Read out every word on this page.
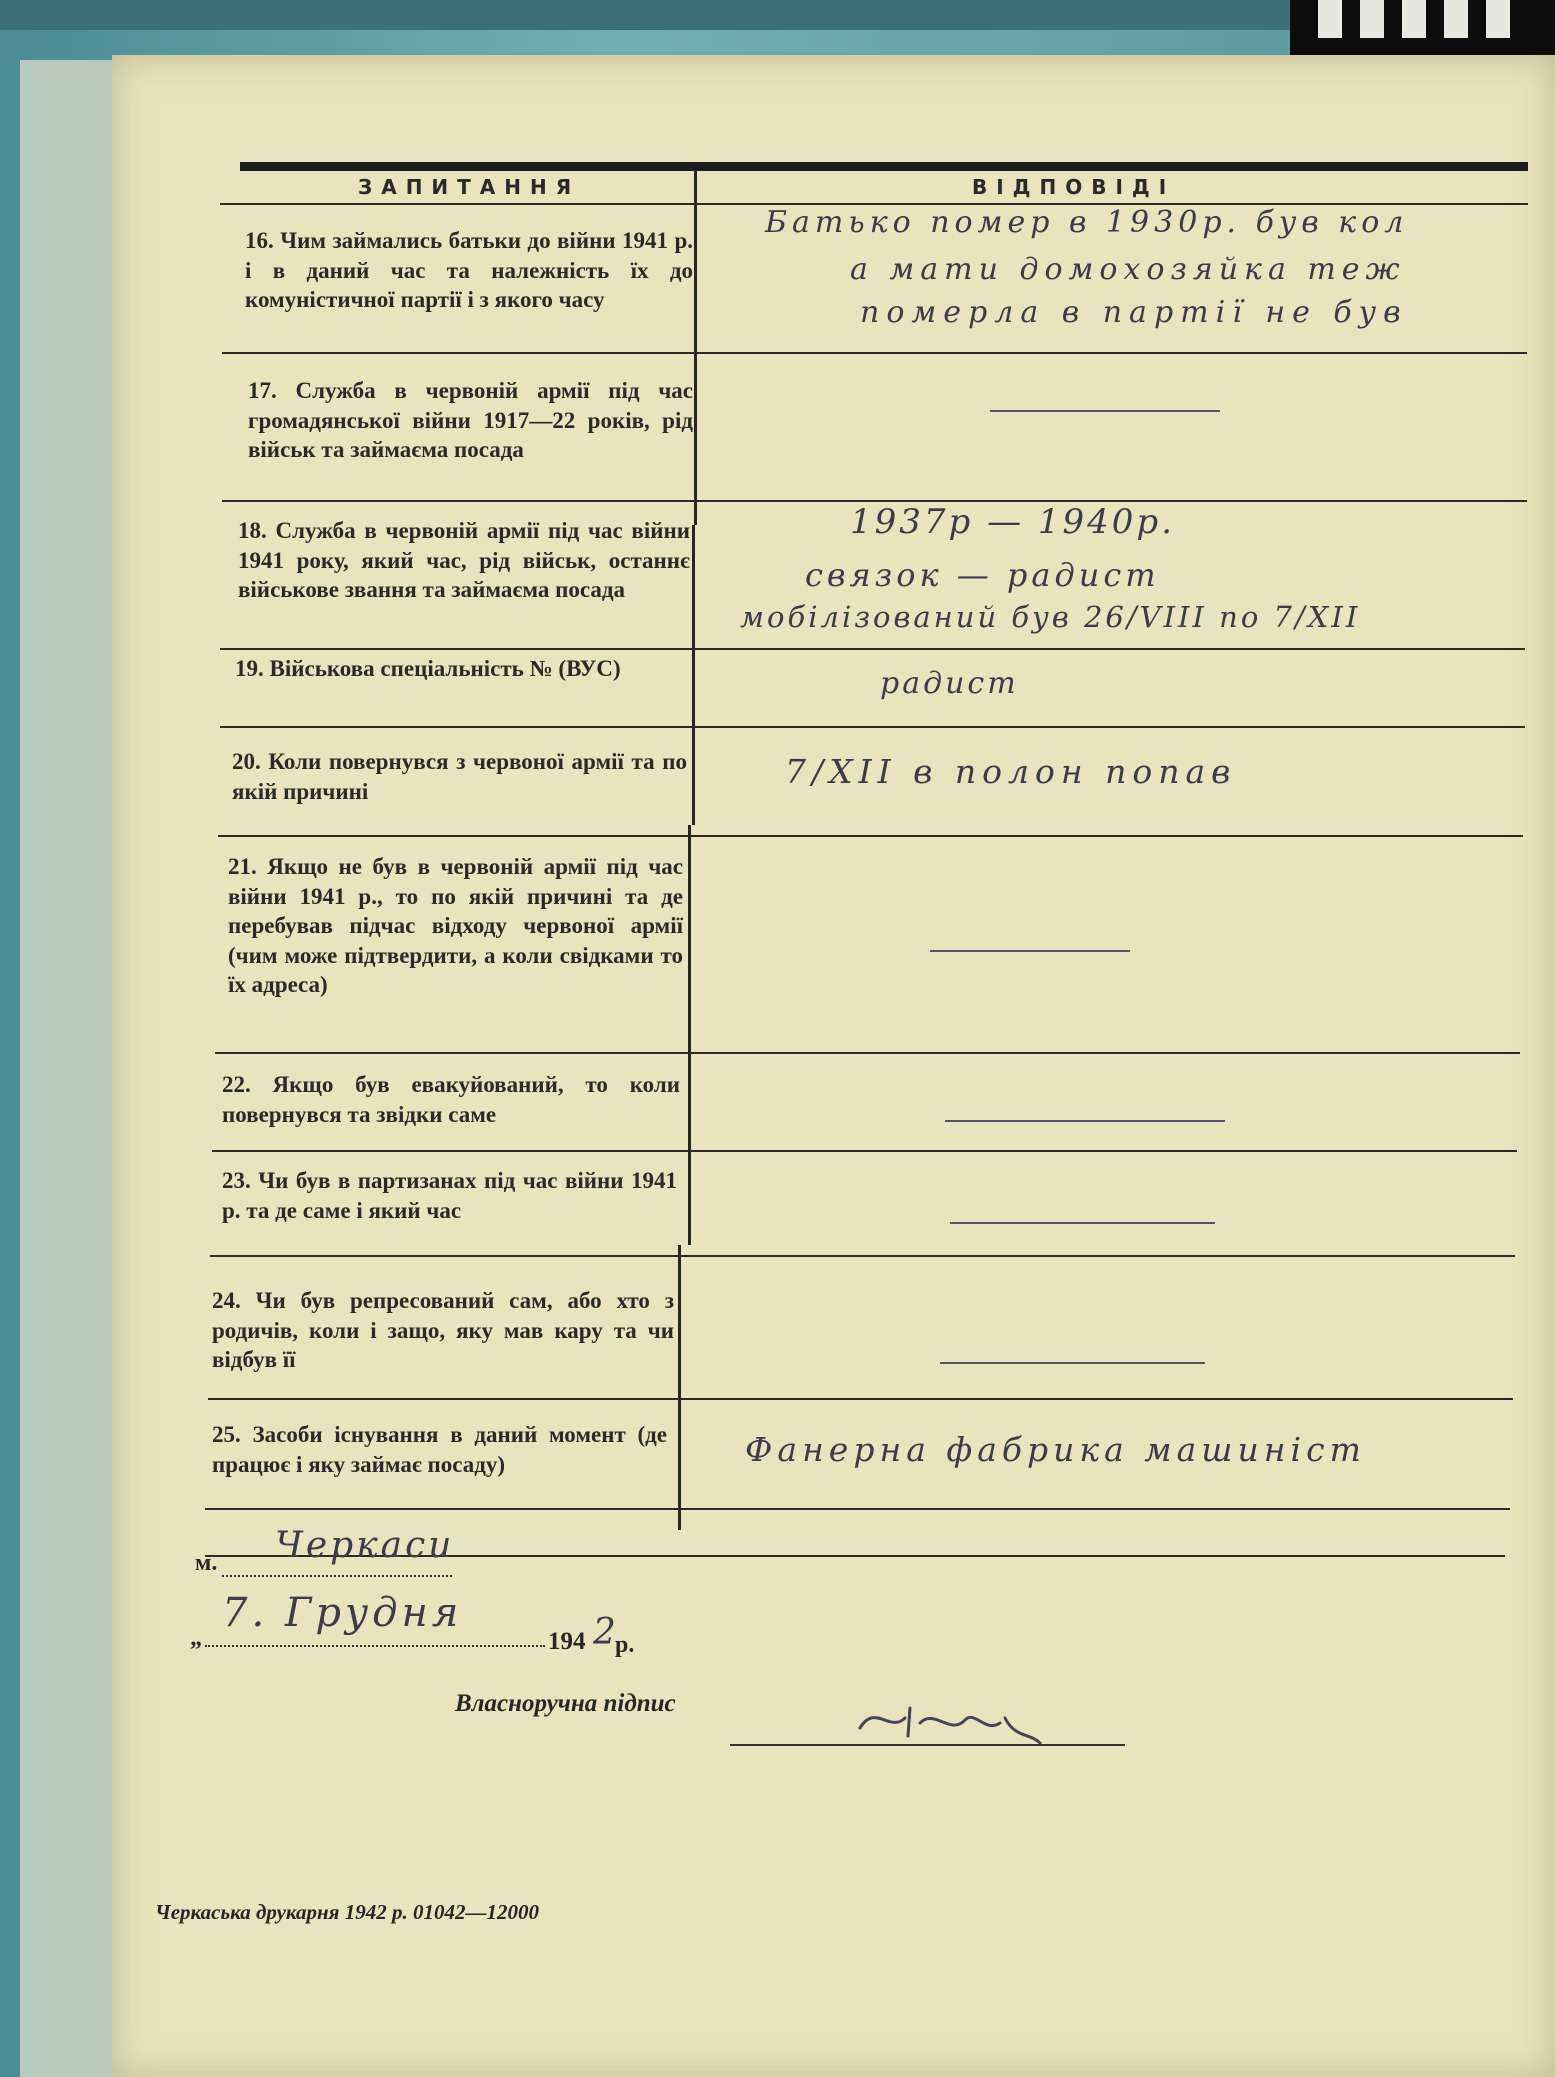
ЗАПИТАННЯ	ВІДПОВІДІ
16. Чим займались батьки до війни 1941 р. і в даний час та належність їх до комуністичної партії і з якого часу
17. Служба в червоній армії під час громадянської війни 1917—22 років, рід військ та займаєма посада
18. Служба в червоній армії під час війни 1941 року, який час, рід військ, останнє військове звання та займаєма посада
19. Військова спеціальність № (ВУС)
20. Коли повернувся з червоної армії та по якій причині
21. Якщо не був в червоній армії під час війни 1941 р., то по якій причині та де перебував підчас відходу червоної армії (чим може підтвердити, а коли свідками то їх адреса)
22. Якщо був евакуйований, то коли повернувся та звідки саме
23. Чи був в партизанах під час війни 1941 р. та де саме і який час
24. Чи був репресований сам, або хто з родичів, коли і защо, яку мав кару та чи відбув її
25. Засоби існування в даний момент (де працює і яку займає посаду)
Батько помер в 1930р. був кол
а мати домохозяйка теж
померла в партії не був
1937р — 1940р.
связок — радист
мобілізований був 26/VIII по 7/XII
радист
7/XII в полон попав
Фанерна фабрика машиніст
м. Черкаси
„
7. Грудня
194 2
р.
Власноручна підпис
Черкаська друкарня 1942 р. 01042—12000
